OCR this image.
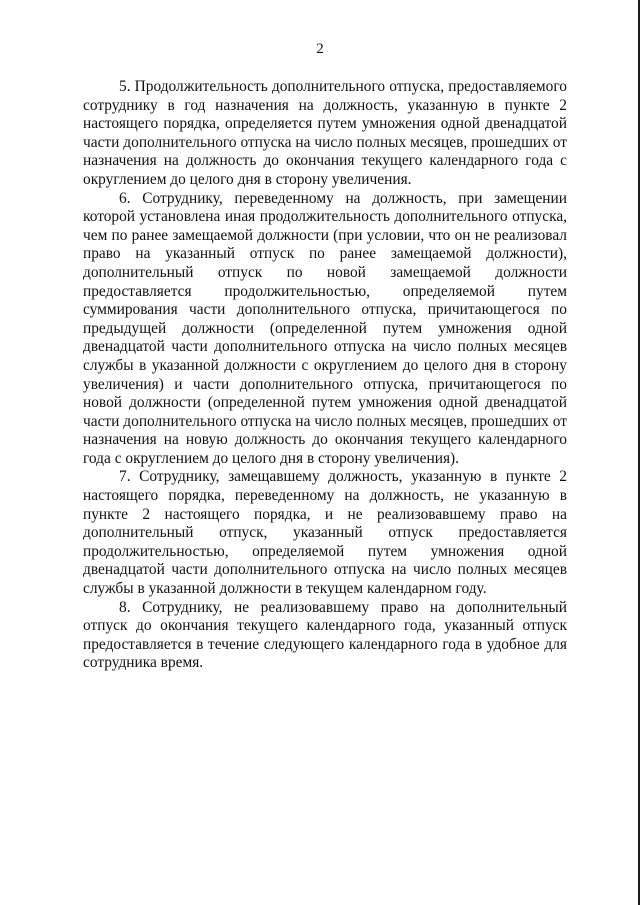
2

5. Продолжительность дополнительного отпуска, предоставляемого сотруднику в год назначения на должность, указанную в пункте 2 настоящего порядка, определяется путем умножения одной двенадцатой части дополнительного отпуска на число полных месяцев, прошедших от назначения на должность до окончания текущего календарного года с округлением до целого дня в сторону увеличения.

6. Сотруднику, переведенному на должность, при замещении которой установлена иная продолжительность дополнительного отпуска, чем по ранее замещаемой должности (при условии, что он не реализовал право на указанный отпуск по ранее замещаемой должности), дополнительный отпуск по новой замещаемой должности предоставляется продолжительностью, определяемой путем суммирования части дополнительного отпуска, причитающегося по предыдущей должности (определенной путем умножения одной двенадцатой части дополнительного отпуска на число полных месяцев службы в указанной должности с округлением до целого дня в сторону увеличения) и части дополнительного отпуска, причитающегося по новой должности (определенной путем умножения одной двенадцатой части дополнительного отпуска на число полных месяцев, прошедших от назначения на новую должность до окончания текущего календарного года с округлением до целого дня в сторону увеличения).

7. Сотруднику, замещавшему должность, указанную в пункте 2 настоящего порядка, переведенному на должность, не указанную в пункте 2 настоящего порядка, и не реализовавшему право на дополнительный отпуск, указанный отпуск предоставляется продолжительностью, определяемой путем умножения одной двенадцатой части дополнительного отпуска на число полных месяцев службы в указанной должности в текущем календарном году.

8. Сотруднику, не реализовавшему право на дополнительный отпуск до окончания текущего календарного года, указанный отпуск предоставляется в течение следующего календарного года в удобное для сотрудника время.
